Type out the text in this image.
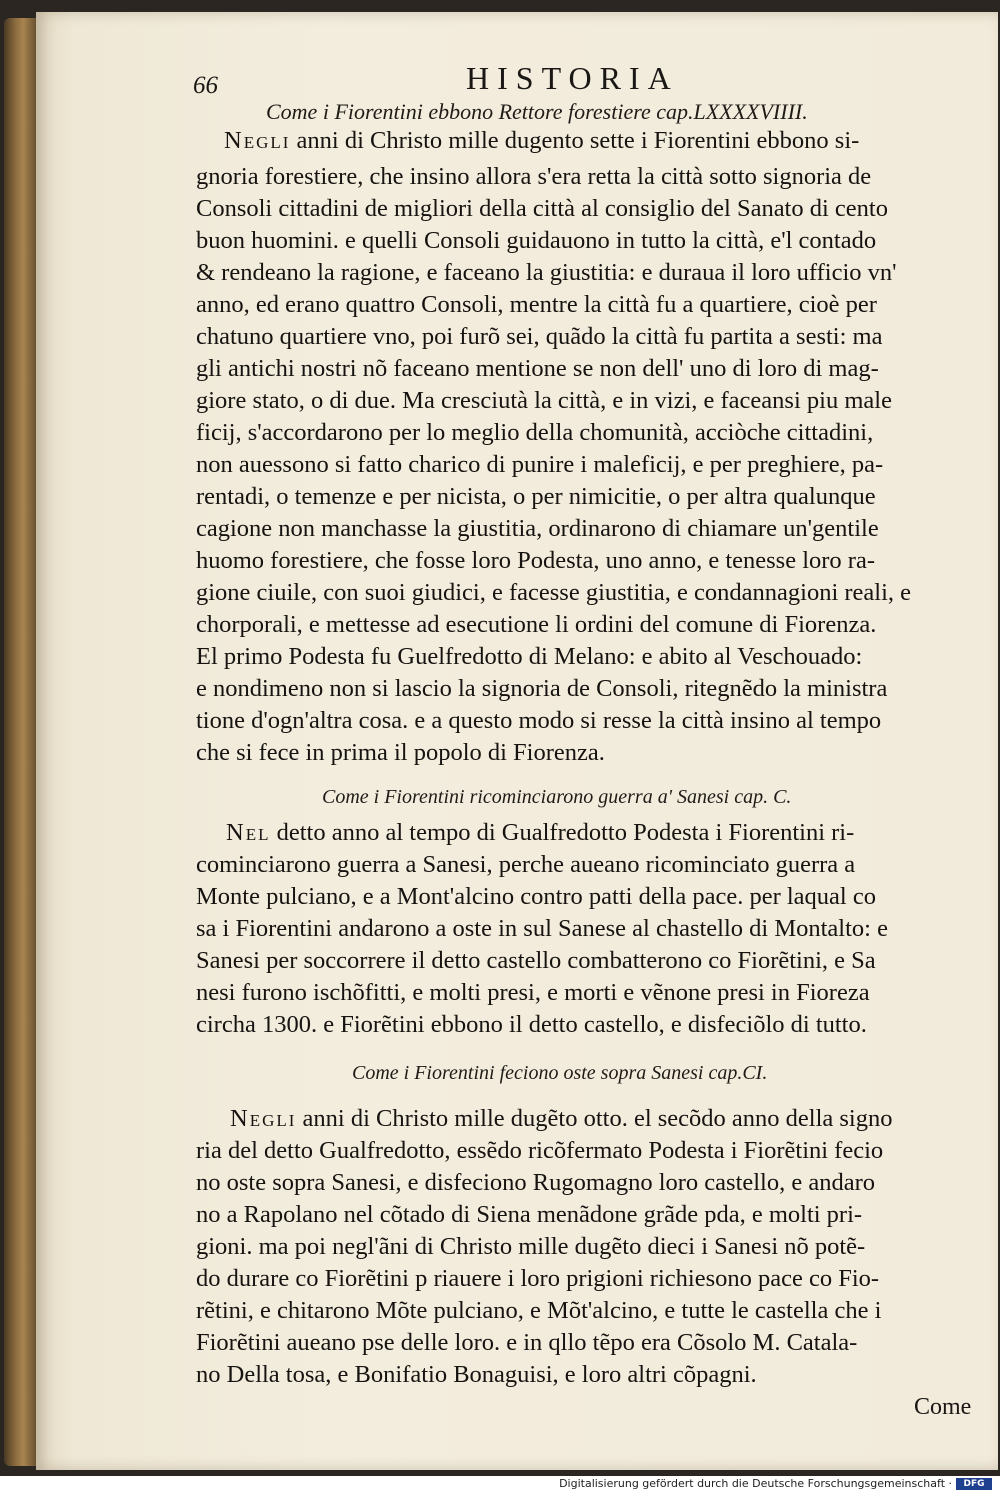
66	HISTORIA
Come i Fiorentini ebbono Rettore forestiere cap.LXXXXVIIII.
Negli anni di Christo mille dugento sette i Fiorentini ebbono si-
gnoria forestiere, che insino allora s'era retta la città sotto signoria de
Consoli cittadini de migliori della città al consiglio del Sanato di cento
buon huomini. e quelli Consoli guidauono in tutto la città, e'l contado
& rendeano la ragione, e faceano la giustitia: e duraua il loro ufficio vn'
anno, ed erano quattro Consoli, mentre la città fu a quartiere, cioè per
chatuno quartiere vno, poi furõ sei, quãdo la città fu partita a sesti: ma
gli antichi nostri nõ faceano mentione se non dell' uno di loro di mag-
giore stato, o di due. Ma cresciutà la città, e in vizi, e faceansi piu male
ficij, s'accordarono per lo meglio della chomunità, acciòche cittadini,
non auessono si fatto charico di punire i maleficij, e per preghiere, pa-
rentadi, o temenze e per nicista, o per nimicitie, o per altra qualunque
cagione non manchasse la giustitia, ordinarono di chiamare un'gentile
huomo forestiere, che fosse loro Podesta, uno anno, e tenesse loro ra-
gione ciuile, con suoi giudici, e facesse giustitia, e condannagioni reali, e
chorporali, e mettesse ad esecutione li ordini del comune di Fiorenza.
El primo Podesta fu Guelfredotto di Melano: e abito al Veschouado:
e nondimeno non si lascio la signoria de Consoli, ritegnẽdo la ministra
tione d'ogn'altra cosa. e a questo modo si resse la città insino al tempo
che si fece in prima il popolo di Fiorenza.
Come i Fiorentini ricominciarono guerra a' Sanesi cap. C.
Nel detto anno al tempo di Gualfredotto Podesta i Fiorentini ri-
cominciarono guerra a Sanesi, perche aueano ricominciato guerra a
Monte pulciano, e a Mont'alcino contro patti della pace. per laqual co
sa i Fiorentini andarono a oste in sul Sanese al chastello di Montalto: e
Sanesi per soccorrere il detto castello combatterono co Fiorẽtini, e Sa
nesi furono ischõfitti, e molti presi, e morti e vẽnone presi in Fioreza
circha 1300. e Fiorẽtini ebbono il detto castello, e disfeciõlo di tutto.
Come i Fiorentini feciono oste sopra Sanesi cap.CI.
Negli anni di Christo mille dugẽto otto. el secõdo anno della signo
ria del detto Gualfredotto, essẽdo ricõfermato Podesta i Fiorẽtini fecio
no oste sopra Sanesi, e disfeciono Rugomagno loro castello, e andaro
no a Rapolano nel cõtado di Siena menãdone grãde pda, e molti pri-
gioni. ma poi negl'ãni di Christo mille dugẽto dieci i Sanesi nõ potẽ-
do durare co Fiorẽtini p riauere i loro prigioni richiesono pace co Fio-
rẽtini, e chitarono Mõte pulciano, e Mõt'alcino, e tutte le castella che i
Fiorẽtini aueano pse delle loro. e in qllo tẽpo era Cõsolo M. Catala-
no Della tosa, e Bonifatio Bonaguisi, e loro altri cõpagni.
Come
Digitalisierung gefördert durch die Deutsche Forschungsgemeinschaft ·	DFG
